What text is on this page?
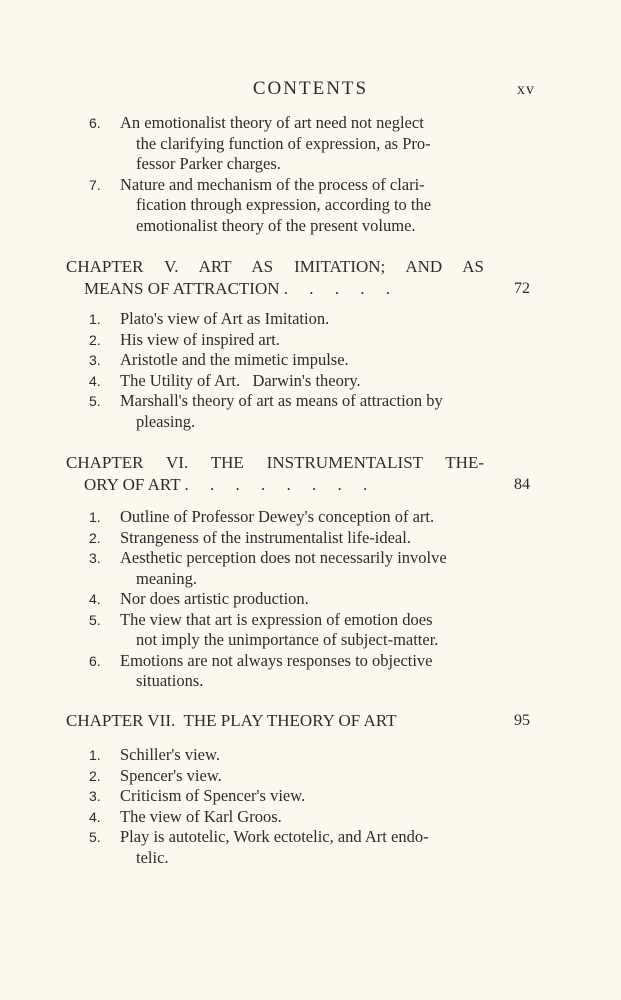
CONTENTS	xv
6. An emotionalist theory of art need not neglect
the clarifying function of expression, as Pro-
fessor Parker charges.
7. Nature and mechanism of the process of clari-
fication through expression, according to the
emotionalist theory of the present volume.
CHAPTER V. ART AS IMITATION; AND AS
MEANS OF ATTRACTION .     .     .     .     .	72
1. Plato's view of Art as Imitation.
2. His view of inspired art.
3. Aristotle and the mimetic impulse.
4. The Utility of Art.   Darwin's theory.
5. Marshall's theory of art as means of attraction by
pleasing.
CHAPTER VI. THE INSTRUMENTALIST THE-
ORY OF ART .     .     .     .     .     .     .     .	84
1. Outline of Professor Dewey's conception of art.
2. Strangeness of the instrumentalist life-ideal.
3. Aesthetic perception does not necessarily involve
meaning.
4. Nor does artistic production.
5. The view that art is expression of emotion does
not imply the unimportance of subject-matter.
6. Emotions are not always responses to objective
situations.
CHAPTER VII.  THE PLAY THEORY OF ART	95
1. Schiller's view.
2. Spencer's view.
3. Criticism of Spencer's view.
4. The view of Karl Groos.
5. Play is autotelic, Work ectotelic, and Art endo-
telic.
